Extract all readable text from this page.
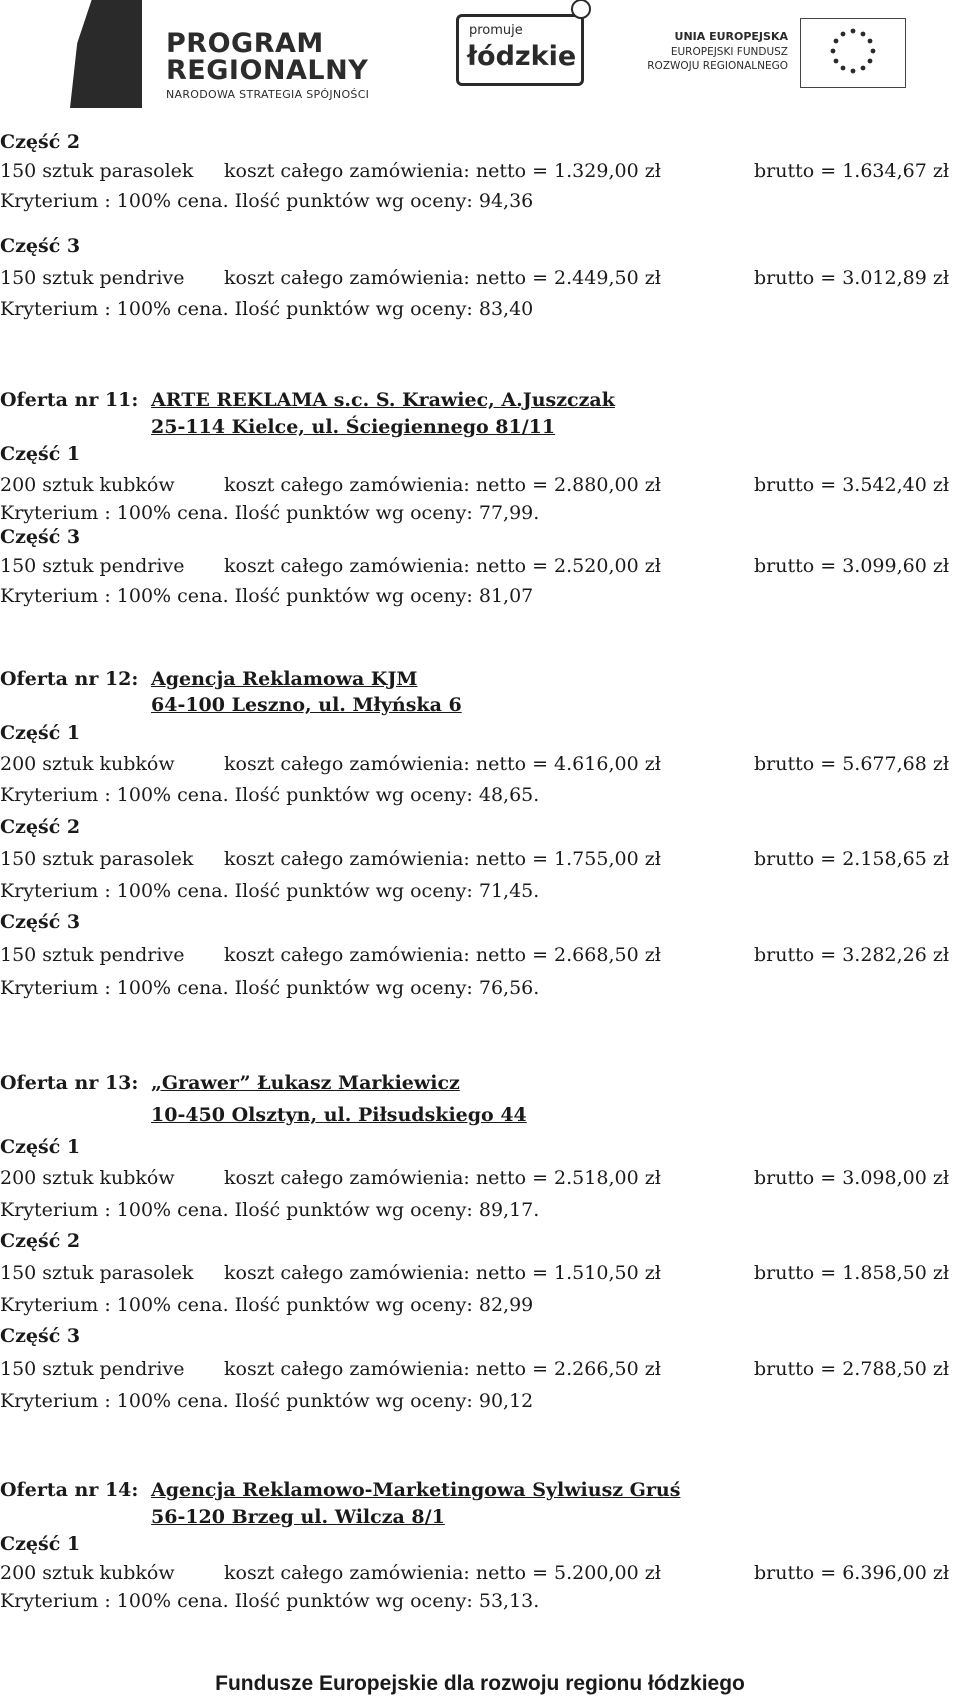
PROGRAM
REGIONALNY
NARODOWA STRATEGIA SPÓJNOŚCI
promuje
łódzkie
UNIA EUROPEJSKA
EUROPEJSKI FUNDUSZ
ROZWOJU REGIONALNEGO
Część 2
150 sztuk parasolek koszt całego zamówienia: netto = 1.329,00 zł	brutto = 1.634,67 zł
Kryterium : 100% cena. Ilość punktów wg oceny: 94,36
Część 3
150 sztuk pendrive koszt całego zamówienia: netto = 2.449,50 zł	brutto = 3.012,89 zł
Kryterium : 100% cena. Ilość punktów wg oceny: 83,40
Oferta nr 11: ARTE REKLAMA s.c. S. Krawiec, A.Juszczak
25-114 Kielce, ul. Ściegiennego 81/11
Część 1
200 sztuk kubków	koszt całego zamówienia: netto = 2.880,00 zł	brutto = 3.542,40 zł
Kryterium : 100% cena. Ilość punktów wg oceny: 77,99.
Część 3
150 sztuk pendrive koszt całego zamówienia: netto = 2.520,00 zł	brutto = 3.099,60 zł
Kryterium : 100% cena. Ilość punktów wg oceny: 81,07
Oferta nr 12: Agencja Reklamowa KJM
64-100 Leszno, ul. Młyńska 6
Część 1
200 sztuk kubków	koszt całego zamówienia: netto = 4.616,00 zł	brutto = 5.677,68 zł
Kryterium : 100% cena. Ilość punktów wg oceny: 48,65.
Część 2
150 sztuk parasolek koszt całego zamówienia: netto = 1.755,00 zł	brutto = 2.158,65 zł
Kryterium : 100% cena. Ilość punktów wg oceny: 71,45.
Część 3
150 sztuk pendrive koszt całego zamówienia: netto = 2.668,50 zł	brutto = 3.282,26 zł
Kryterium : 100% cena. Ilość punktów wg oceny: 76,56.
Oferta nr 13: „Grawer” Łukasz Markiewicz
10-450 Olsztyn, ul. Piłsudskiego 44
Część 1
200 sztuk kubków	koszt całego zamówienia: netto = 2.518,00 zł	brutto = 3.098,00 zł
Kryterium : 100% cena. Ilość punktów wg oceny: 89,17.
Część 2
150 sztuk parasolek koszt całego zamówienia: netto = 1.510,50 zł	brutto = 1.858,50 zł
Kryterium : 100% cena. Ilość punktów wg oceny: 82,99
Część 3
150 sztuk pendrive koszt całego zamówienia: netto = 2.266,50 zł	brutto = 2.788,50 zł
Kryterium : 100% cena. Ilość punktów wg oceny: 90,12
Oferta nr 14: Agencja Reklamowo-Marketingowa Sylwiusz Gruś
56-120 Brzeg ul. Wilcza 8/1
Część 1
200 sztuk kubków	koszt całego zamówienia: netto = 5.200,00 zł	brutto = 6.396,00 zł
Kryterium : 100% cena. Ilość punktów wg oceny: 53,13.
Fundusze Europejskie dla rozwoju regionu łódzkiego
